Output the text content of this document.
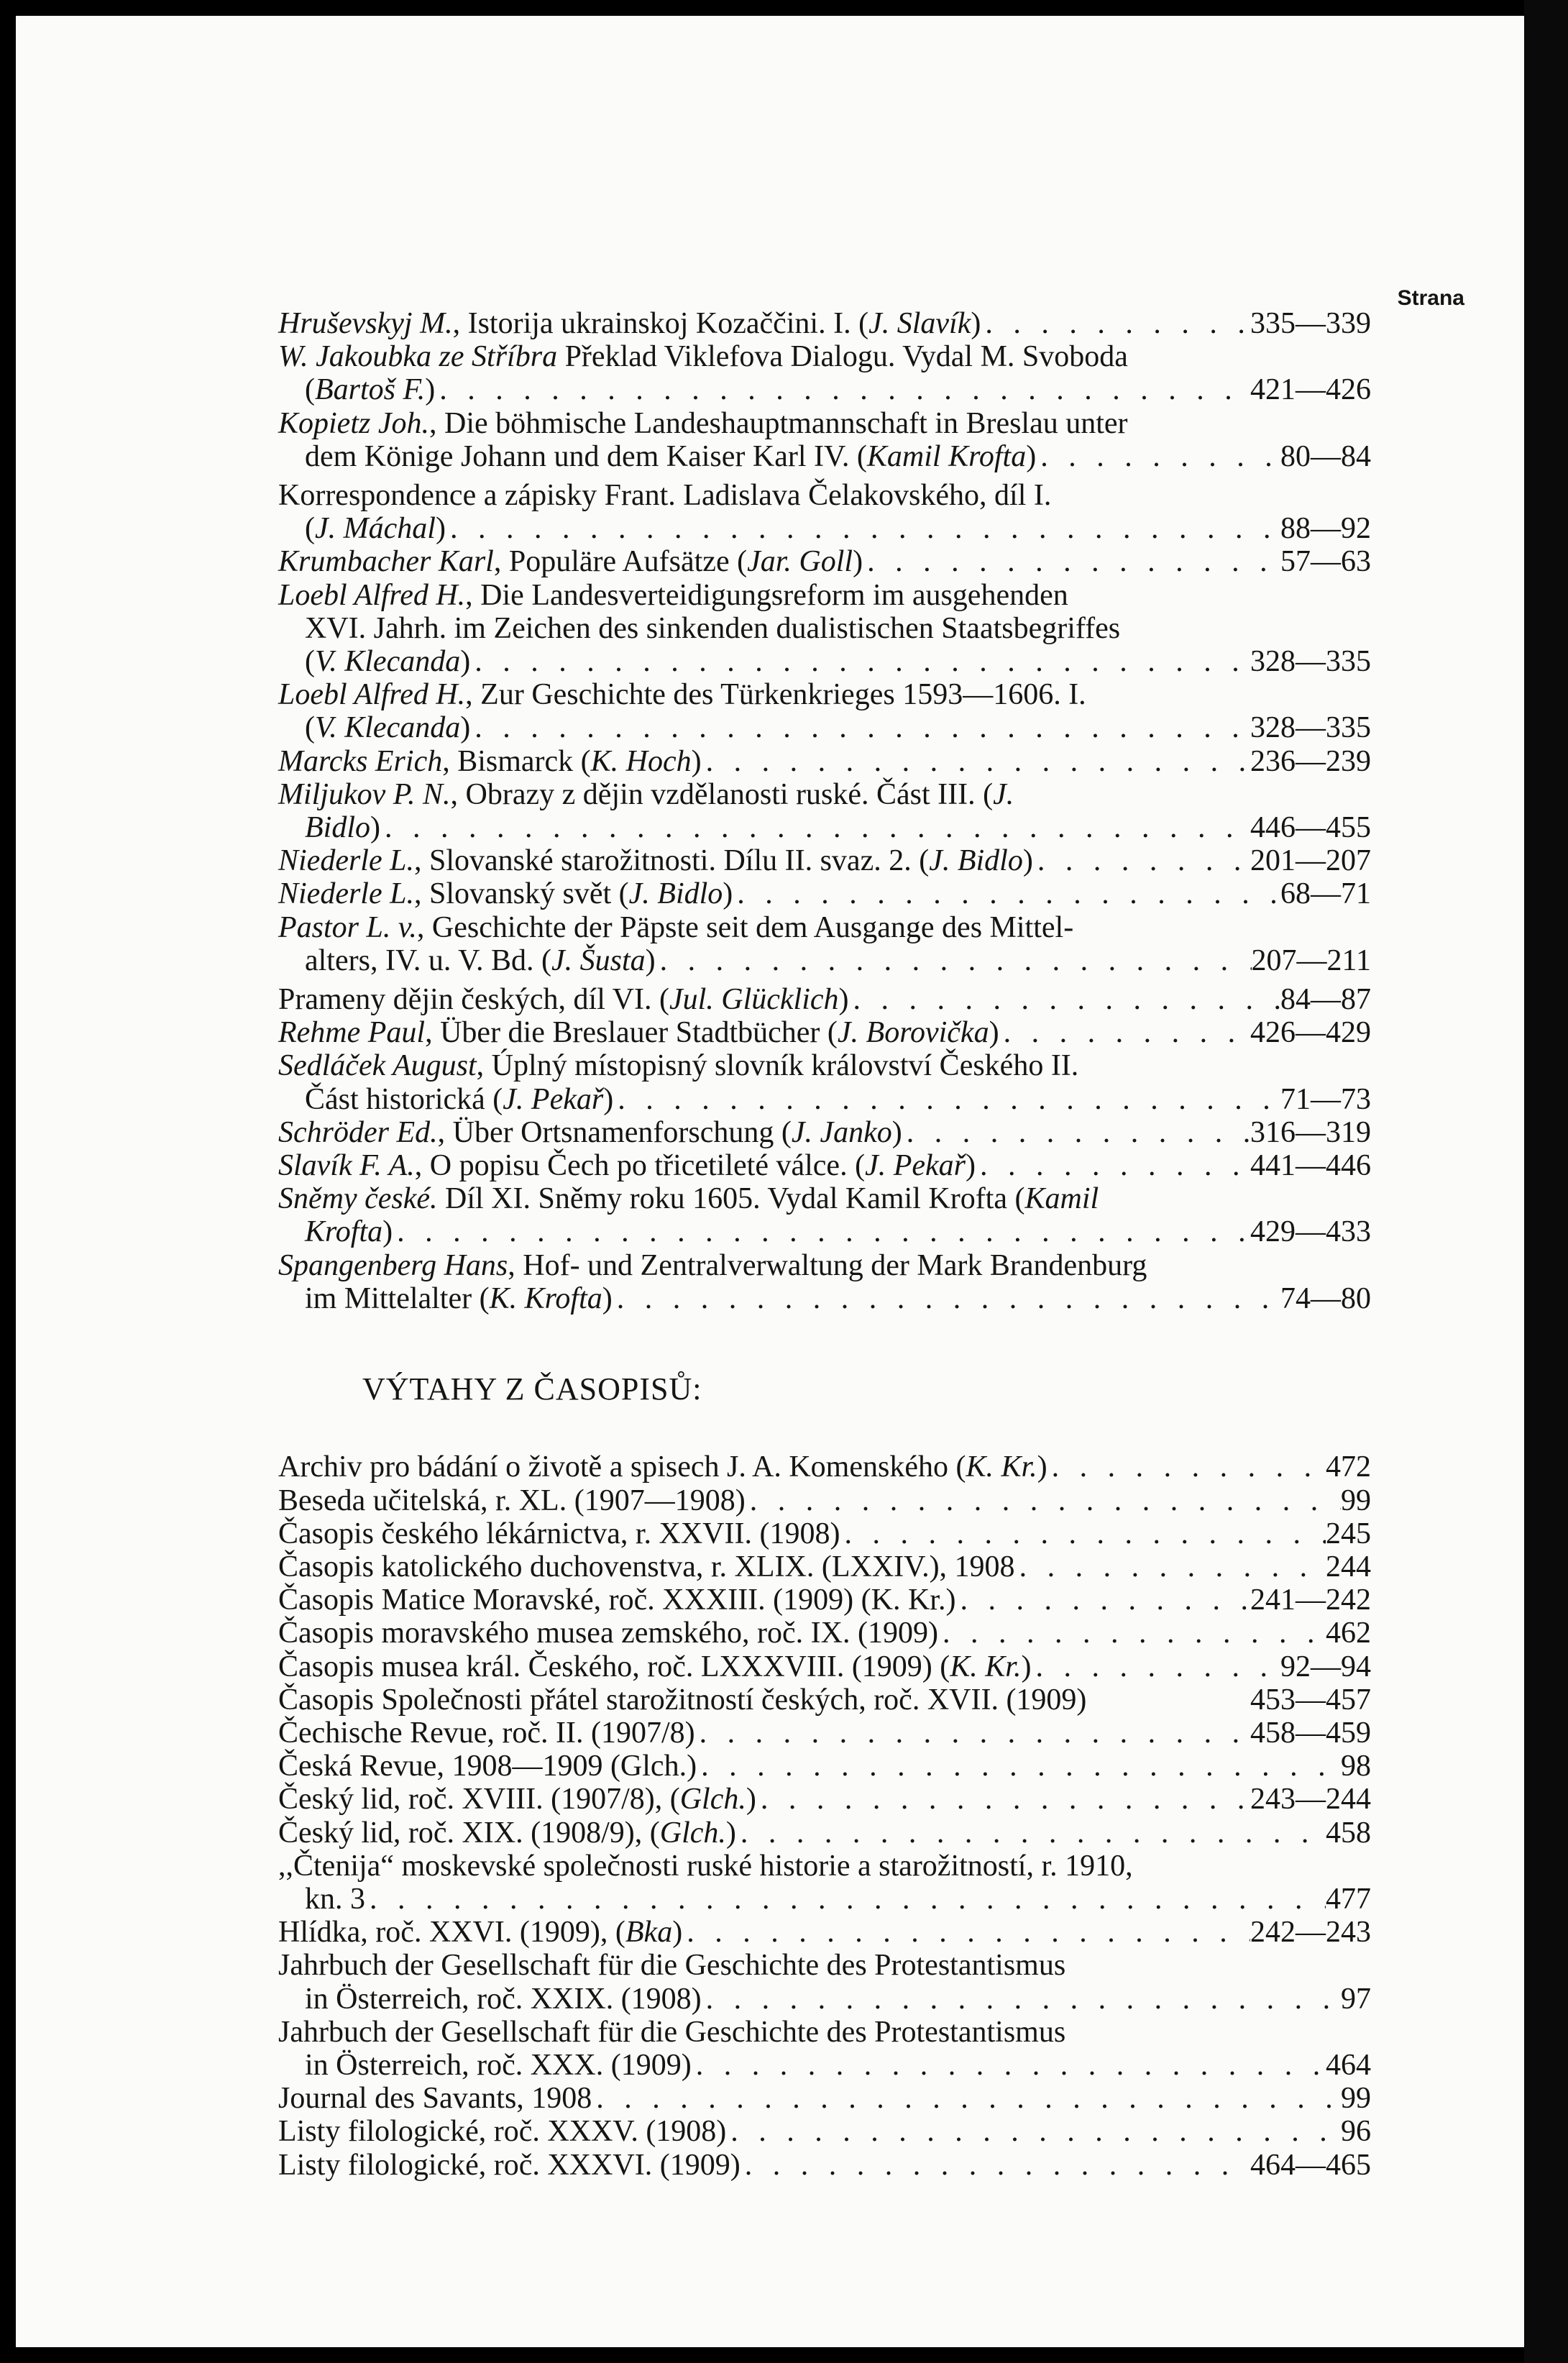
Strana
Hruševskyj M., Istorija ukrainskoj Kozaččini. I. (J. Slavík) . . .	335—339
W. Jakoubka ze Stříbra Překlad Viklefova Dialogu. Vydal M. Svoboda
(Bartoš F.) . . .	421—426
Kopietz Joh., Die böhmische Landeshauptmannschaft in Breslau unter
dem Könige Johann und dem Kaiser Karl IV. (Kamil Krofta) . . .	80—84
Korrespondence a zápisky Frant. Ladislava Čelakovského, díl I.
(J. Máchal) . . .	88—92
Krumbacher Karl, Populäre Aufsätze (Jar. Goll) . . .	57—63
Loebl Alfred H., Die Landesverteidigungsreform im ausgehenden
XVI. Jahrh. im Zeichen des sinkenden dualistischen Staatsbegriffes
(V. Klecanda) . . .	328—335
Loebl Alfred H., Zur Geschichte des Türkenkrieges 1593—1606. I.
(V. Klecanda) . . .	328—335
Marcks Erich, Bismarck (K. Hoch) . . .	236—239
Miljukov P. N., Obrazy z dějin vzdělanosti ruské. Část III. (J.
Bidlo) . . .	446—455
Niederle L., Slovanské starožitnosti. Dílu II. svaz. 2. (J. Bidlo) . . .	201—207
Niederle L., Slovanský svět (J. Bidlo) . . .	68—71
Pastor L. v., Geschichte der Päpste seit dem Ausgange des Mittel-
alters, IV. u. V. Bd. (J. Šusta) . . .	207—211
Prameny dějin českých, díl VI. (Jul. Glücklich) . . .	84—87
Rehme Paul, Über die Breslauer Stadtbücher (J. Borovička) . . .	426—429
Sedláček August, Úplný místopisný slovník království Českého II.
Část historická (J. Pekař) . . .	71—73
Schröder Ed., Über Ortsnamenforschung (J. Janko) . . .	316—319
Slavík F. A., O popisu Čech po třicetileté válce. (J. Pekař) . . .	441—446
Sněmy české. Díl XI. Sněmy roku 1605. Vydal Kamil Krofta (Kamil
Krofta) . . .	429—433
Spangenberg Hans, Hof- und Zentralverwaltung der Mark Brandenburg
im Mittelalter (K. Krofta) . . .	74—80
VÝTAHY Z ČASOPISŮ:
Archiv pro bádání o životě a spisech J. A. Komenského (K. Kr.) . . .	472
Beseda učitelská, r. XL. (1907—1908) . . .	99
Časopis českého lékárnictva, r. XXVII. (1908) . . .	245
Časopis katolického duchovenstva, r. XLIX. (LXXIV.), 1908 . . .	244
Časopis Matice Moravské, roč. XXXIII. (1909) (K. Kr.) . . .	241—242
Časopis moravského musea zemského, roč. IX. (1909) . . .	462
Časopis musea král. Českého, roč. LXXXVIII. (1909) (K. Kr.) . . .	92—94
Časopis Společnosti přátel starožitností českých, roč. XVII. (1909)	453—457
Čechische Revue, roč. II. (1907/8) . . .	458—459
Česká Revue, 1908—1909 (Glch.) . . .	98
Český lid, roč. XVIII. (1907/8), (Glch.) . . .	243—244
Český lid, roč. XIX. (1908/9), (Glch.) . . .	458
,,Čtenija“ moskevské společnosti ruské historie a starožitností, r. 1910,
kn. 3 . . .	477
Hlídka, roč. XXVI. (1909), (Bka) . . .	242—243
Jahrbuch der Gesellschaft für die Geschichte des Protestantismus
in Österreich, roč. XXIX. (1908) . . .	97
Jahrbuch der Gesellschaft für die Geschichte des Protestantismus
in Österreich, roč. XXX. (1909) . . .	464
Journal des Savants, 1908 . . .	99
Listy filologické, roč. XXXV. (1908) . . .	96
Listy filologické, roč. XXXVI. (1909) . . .	464—465
